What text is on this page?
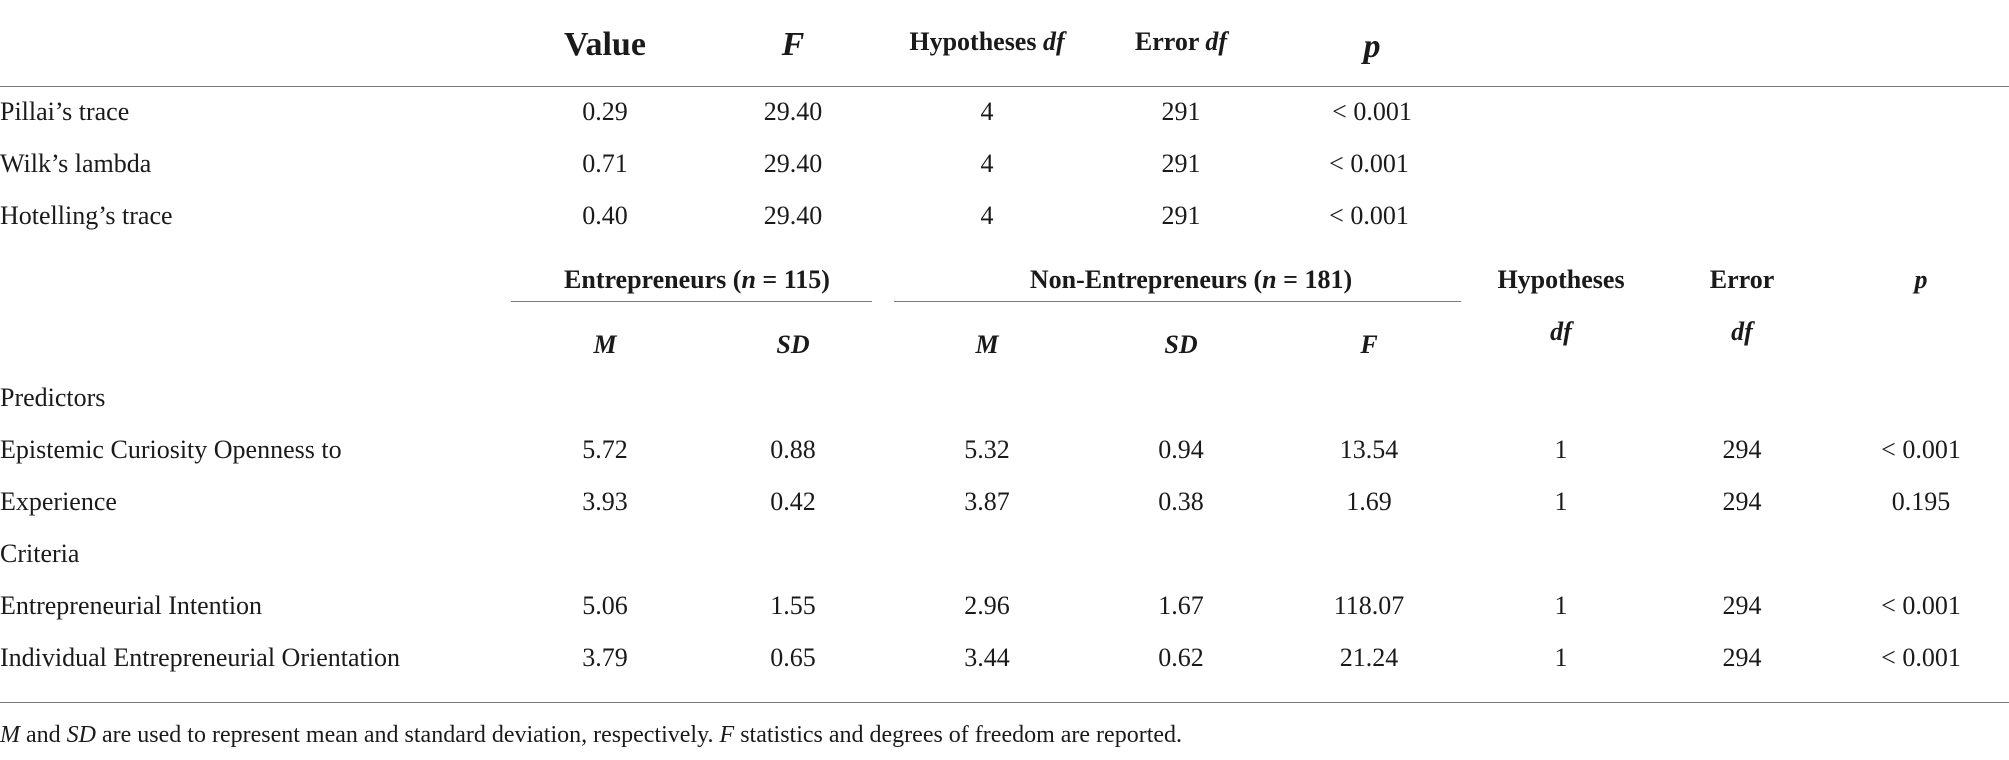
Value	F	Hypotheses df	Error df	p
Pillai’s trace	0.29	29.40	4	291	< 0.001
Wilk’s lambda	0.71	29.40	4	291	< 0.001
Hotelling’s trace	0.40	29.40	4	291	< 0.001
Entrepreneurs (n = 115)	Non-Entrepreneurs (n = 181)	Hypotheses	Error	p
M	SD	M	SD	F	df	df
Predictors
Epistemic Curiosity Openness to	5.72	0.88	5.32	0.94	13.54	1	294	< 0.001
Experience	3.93	0.42	3.87	0.38	1.69	1	294	0.195
Criteria
Entrepreneurial Intention	5.06	1.55	2.96	1.67	118.07	1	294	< 0.001
Individual Entrepreneurial Orientation	3.79	0.65	3.44	0.62	21.24	1	294	< 0.001
M and SD are used to represent mean and standard deviation, respectively. F statistics and degrees of freedom are reported.
